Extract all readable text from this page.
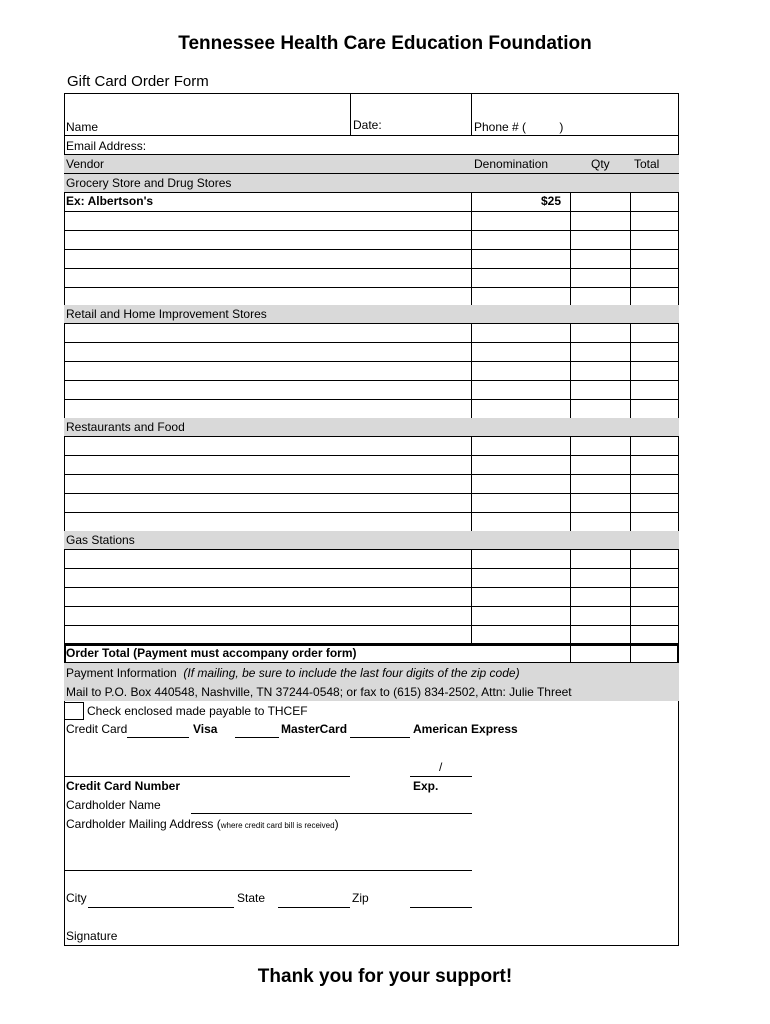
Tennessee Health Care Education Foundation
Gift Card Order Form
Name	Date:	Phone # (          )
Email Address:
Vendor	Denomination	Qty Total
Grocery Store and Drug Stores
Ex: Albertson's	$25
Retail and Home Improvement Stores
Restaurants and Food
Gas Stations
Order Total (Payment must accompany order form)
Payment Information (If mailing, be sure to include the last four digits of the zip code)
Mail to P.O. Box 440548, Nashville, TN 37244-0548; or fax to (615) 834-2502, Attn: Julie Threet
Check enclosed made payable to THCEF
Credit Card	Visa	MasterCard	American Express
/
Credit Card Number	Exp.
Cardholder Name
Cardholder Mailing Address (where credit card bill is received)
City	State	Zip
Signature
Thank you for your support!
